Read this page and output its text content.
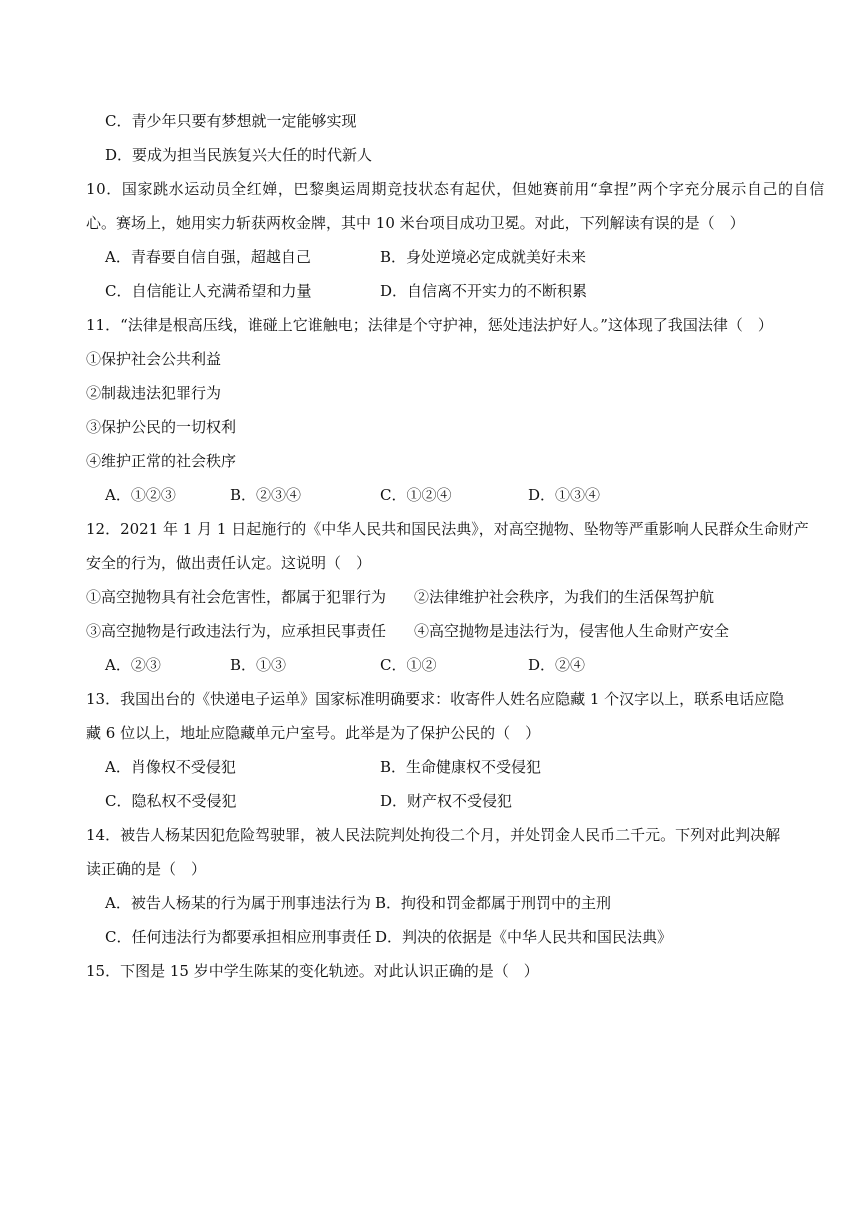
C．青少年只要有梦想就一定能够实现
D．要成为担当民族复兴大任的时代新人
10．国家跳水运动员全红婵，巴黎奥运周期竞技状态有起伏，但她赛前用“拿捏”两个字充分展示自己的自信
心。赛场上，她用实力斩获两枚金牌，其中 10 米台项目成功卫冕。对此，下列解读有误的是（　）
A．青春要自信自强，超越自己	B．身处逆境必定成就美好未来
C．自信能让人充满希望和力量	D．自信离不开实力的不断积累
11．“法律是根高压线，谁碰上它谁触电；法律是个守护神，惩处违法护好人。”这体现了我国法律（　）
①保护社会公共利益
②制裁违法犯罪行为
③保护公民的一切权利
④维护正常的社会秩序
A．①②③	B．②③④	C．①②④	D．①③④
12．2021 年 1 月 1 日起施行的《中华人民共和国民法典》，对高空抛物、坠物等严重影响人民群众生命财产
安全的行为，做出责任认定。这说明（　）
①高空抛物具有社会危害性，都属于犯罪行为 ②法律维护社会秩序，为我们的生活保驾护航
③高空抛物是行政违法行为，应承担民事责任 ④高空抛物是违法行为，侵害他人生命财产安全
A．②③	B．①③	C．①②	D．②④
13．我国出台的《快递电子运单》国家标准明确要求：收寄件人姓名应隐藏 1 个汉字以上，联系电话应隐
藏 6 位以上，地址应隐藏单元户室号。此举是为了保护公民的（　）
A．肖像权不受侵犯	B．生命健康权不受侵犯
C．隐私权不受侵犯	D．财产权不受侵犯
14．被告人杨某因犯危险驾驶罪，被人民法院判处拘役二个月，并处罚金人民币二千元。下列对此判决解
读正确的是（　）
A．被告人杨某的行为属于刑事违法行为 B．拘役和罚金都属于刑罚中的主刑
C．任何违法行为都要承担相应刑事责任 D．判决的依据是《中华人民共和国民法典》
15．下图是 15 岁中学生陈某的变化轨迹。对此认识正确的是（　）
